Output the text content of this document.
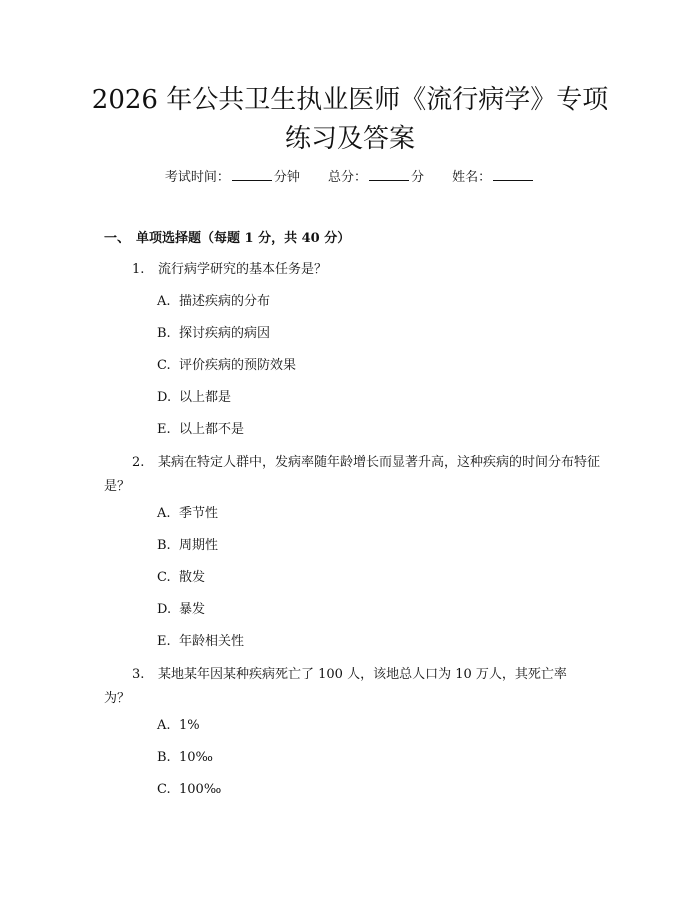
2026 年公共卫生执业医师《流行病学》专项
练习及答案
考试时间：	分钟 总分：	分 姓名：
一、 单项选择题（每题 1 分，共 40 分）
1. 流行病学研究的基本任务是？
A. 描述疾病的分布
B. 探讨疾病的病因
C. 评价疾病的预防效果
D. 以上都是
E. 以上都不是
2. 某病在特定人群中，发病率随年龄增长而显著升高，这种疾病的时间分布特征是？
A. 季节性
B. 周期性
C. 散发
D. 暴发
E. 年龄相关性
3. 某地某年因某种疾病死亡了 100 人，该地总人口为 10 万人，其死亡率为？
A. 1%
B. 10‰
C. 100‰
